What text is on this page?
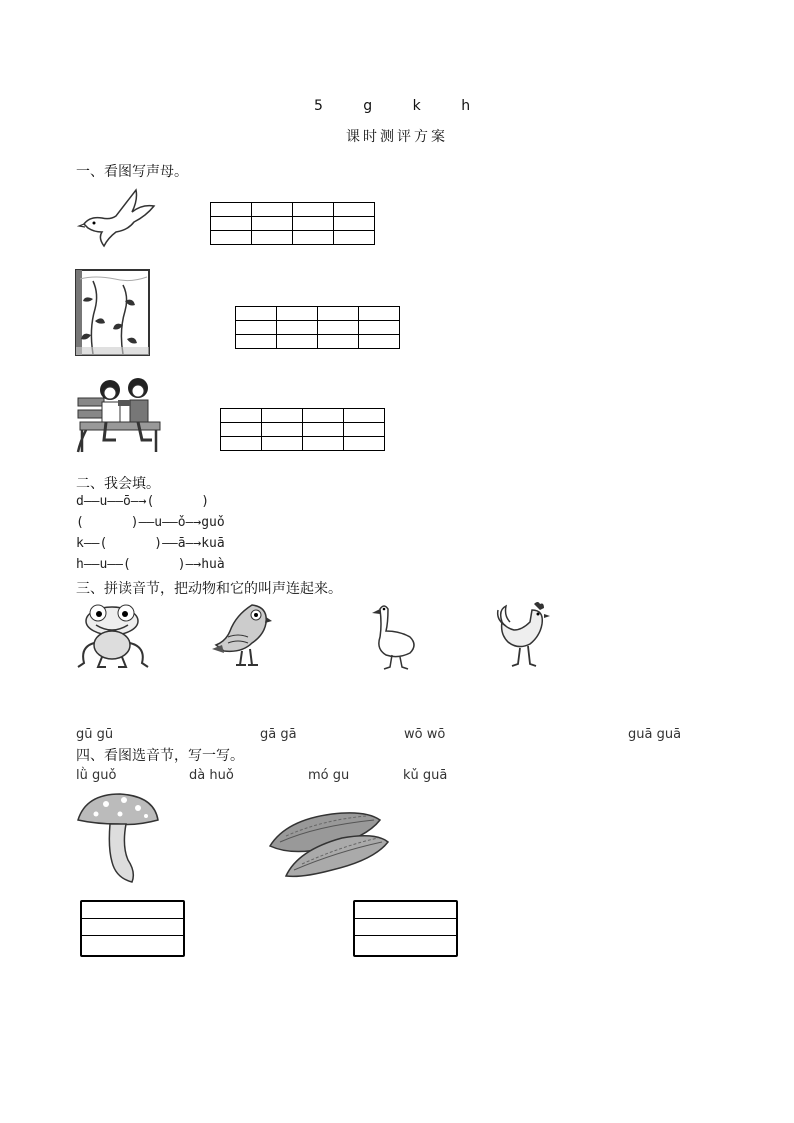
5 g k h
课时测评方案
一、看图写声母。

二、我会填。
d——u——ō—→(      )
(      )——u——ǒ—→guǒ
k——(      )——ā—→kuā
h——u——(      )—→huà
三、拼读音节，把动物和它的叫声连起来。
gū gū	gā gā	wō wō	guā guā
四、看图选音节，写一写。
lǜ guǒ	dà huǒ	mó gu	kǔ guā
